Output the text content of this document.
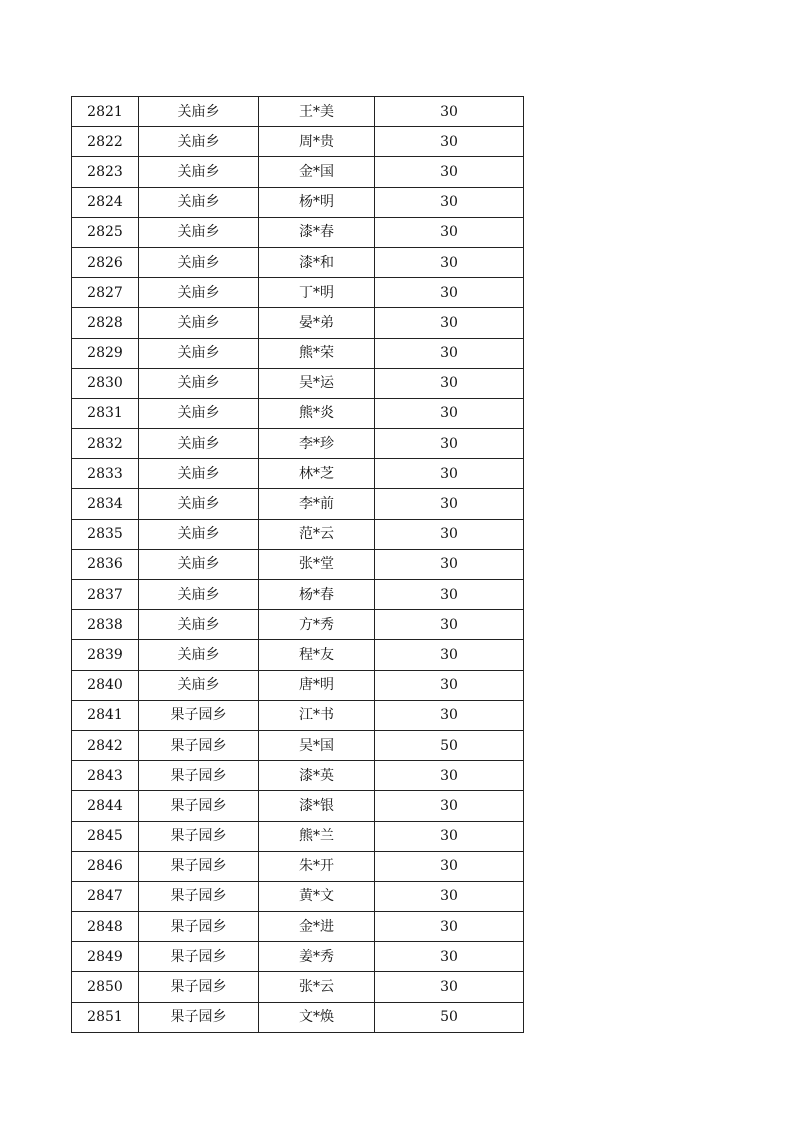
2821	关庙乡	王*美	30
2822	关庙乡	周*贵	30
2823	关庙乡	金*国	30
2824	关庙乡	杨*明	30
2825	关庙乡	漆*春	30
2826	关庙乡	漆*和	30
2827	关庙乡	丁*明	30
2828	关庙乡	晏*弟	30
2829	关庙乡	熊*荣	30
2830	关庙乡	吴*运	30
2831	关庙乡	熊*炎	30
2832	关庙乡	李*珍	30
2833	关庙乡	林*芝	30
2834	关庙乡	李*前	30
2835	关庙乡	范*云	30
2836	关庙乡	张*堂	30
2837	关庙乡	杨*春	30
2838	关庙乡	方*秀	30
2839	关庙乡	程*友	30
2840	关庙乡	唐*明	30
2841	果子园乡	江*书	30
2842	果子园乡	吴*国	50
2843	果子园乡	漆*英	30
2844	果子园乡	漆*银	30
2845	果子园乡	熊*兰	30
2846	果子园乡	朱*开	30
2847	果子园乡	黄*文	30
2848	果子园乡	金*进	30
2849	果子园乡	姜*秀	30
2850	果子园乡	张*云	30
2851	果子园乡	文*焕	50
